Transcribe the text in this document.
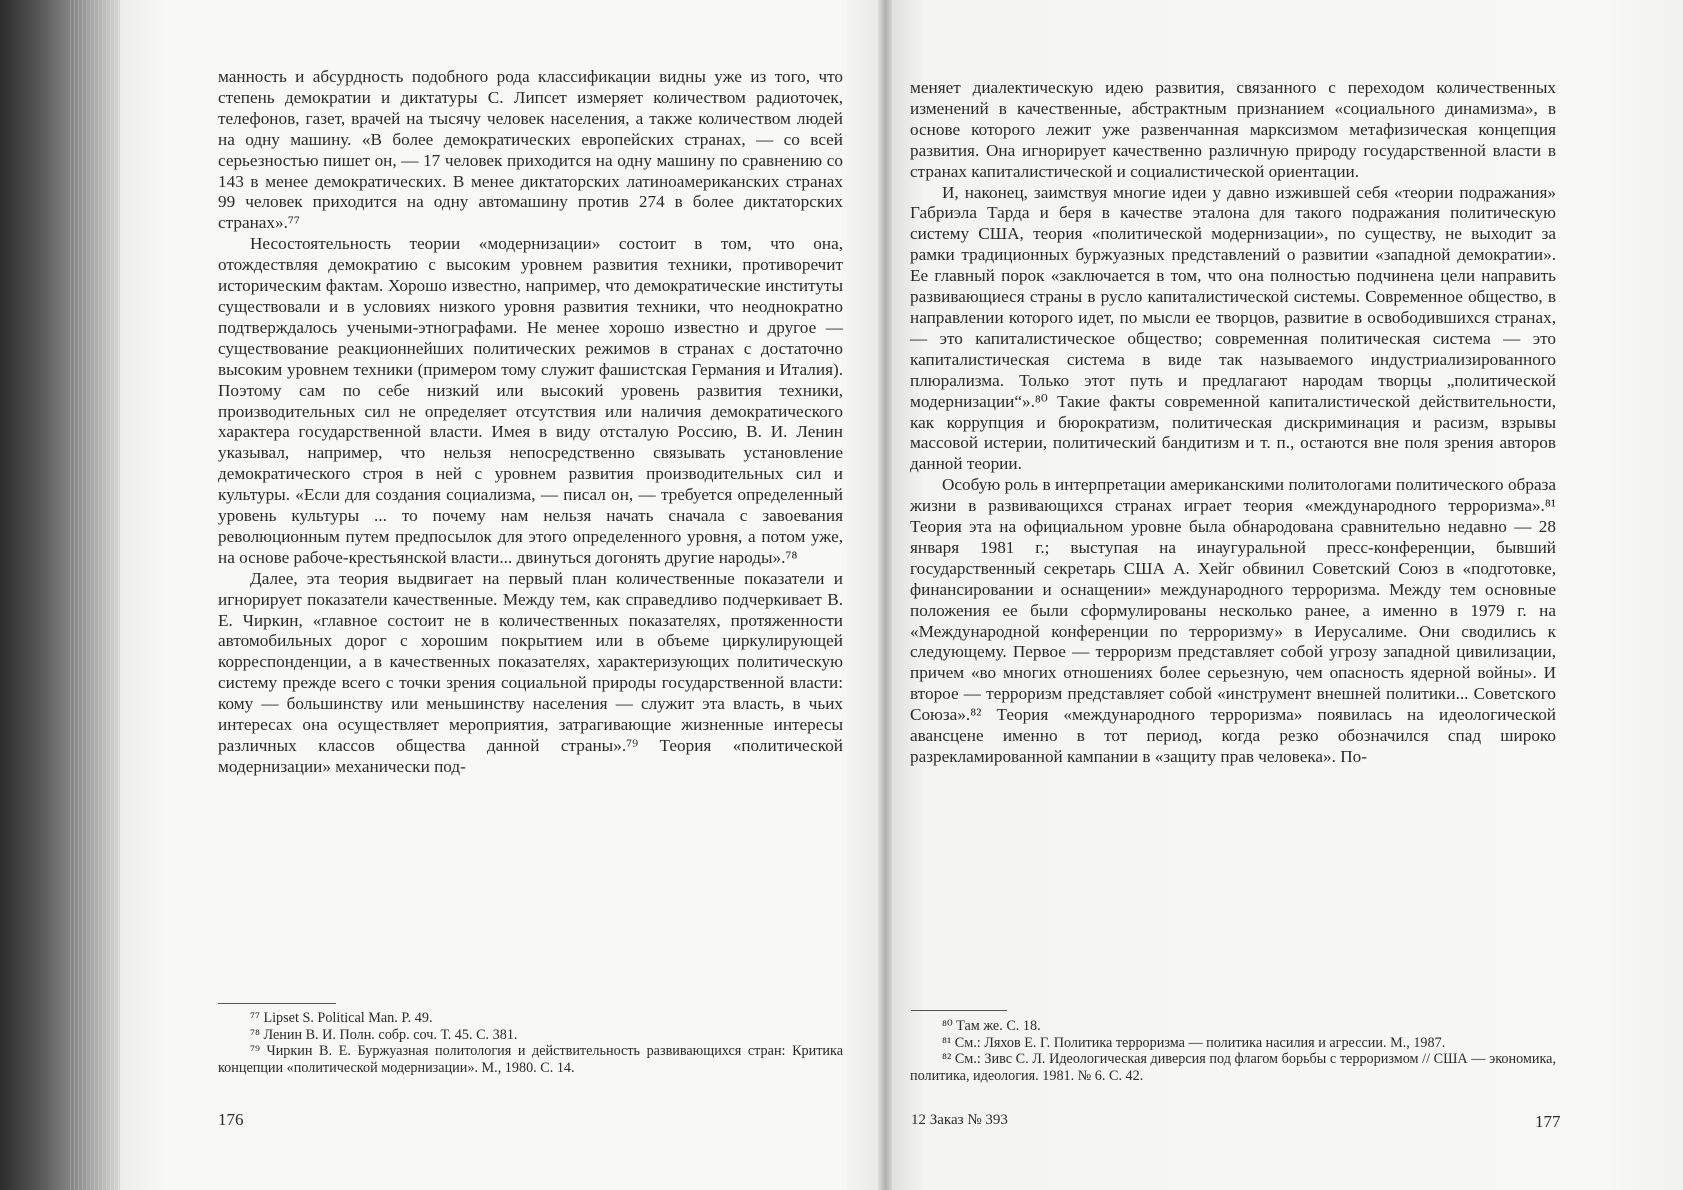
манность и абсурдность подобного рода классификации видны уже из того, что степень демократии и диктатуры С. Липсет измеряет количеством радиоточек, телефонов, газет, врачей на тысячу человек населения, а также количеством людей на одну машину. «В более демократических европейских странах, — со всей серьезностью пишет он, — 17 человек приходится на одну машину по сравнению со 143 в менее демократических. В менее диктаторских латиноамериканских странах 99 человек приходится на одну автомашину против 274 в более диктаторских странах».⁷⁷

Несостоятельность теории «модернизации» состоит в том, что она, отождествляя демократию с высоким уровнем развития техники, противоречит историческим фактам. Хорошо известно, например, что демократические институты существовали и в условиях низкого уровня развития техники, что неоднократно подтверждалось учеными-этнографами. Не менее хорошо известно и другое — существование реакционнейших политических режимов в странах с достаточно высоким уровнем техники (примером тому служит фашистская Германия и Италия). Поэтому сам по себе низкий или высокий уровень развития техники, производительных сил не определяет отсутствия или наличия демократического характера государственной власти. Имея в виду отсталую Россию, В. И. Ленин указывал, например, что нельзя непосредственно связывать установление демократического строя в ней с уровнем развития производительных сил и культуры. «Если для создания социализма, — писал он, — требуется определенный уровень культуры ... то почему нам нельзя начать сначала с завоевания революционным путем предпосылок для этого определенного уровня, а потом уже, на основе рабоче-крестьянской власти... двинуться догонять другие народы».⁷⁸

Далее, эта теория выдвигает на первый план количественные показатели и игнорирует показатели качественные. Между тем, как справедливо подчеркивает В. Е. Чиркин, «главное состоит не в количественных показателях, протяженности автомобильных дорог с хорошим покрытием или в объеме циркулирующей корреспонденции, а в качественных показателях, характеризующих политическую систему прежде всего с точки зрения социальной природы государственной власти: кому — большинству или меньшинству населения — служит эта власть, в чьих интересах она осуществляет мероприятия, затрагивающие жизненные интересы различных классов общества данной страны».⁷⁹ Теория «политической модернизации» механически под-

⁷⁷ Lipset S. Political Man. P. 49.

⁷⁸ Ленин В. И. Полн. собр. соч. Т. 45. С. 381.

⁷⁹ Чиркин В. Е. Буржуазная политология и действительность развивающихся стран: Критика концепции «политической модернизации». М., 1980. С. 14.

176

меняет диалектическую идею развития, связанного с переходом количественных изменений в качественные, абстрактным признанием «социального динамизма», в основе которого лежит уже развенчанная марксизмом метафизическая концепция развития. Она игнорирует качественно различную природу государственной власти в странах капиталистической и социалистической ориентации.

И, наконец, заимствуя многие идеи у давно изжившей себя «теории подражания» Габриэла Тарда и беря в качестве эталона для такого подражания политическую систему США, теория «политической модернизации», по существу, не выходит за рамки традиционных буржуазных представлений о развитии «западной демократии». Ее главный порок «заключается в том, что она полностью подчинена цели направить развивающиеся страны в русло капиталистической системы. Современное общество, в направлении которого идет, по мысли ее творцов, развитие в освободившихся странах, — это капиталистическое общество; современная политическая система — это капиталистическая система в виде так называемого индустриализированного плюрализма. Только этот путь и предлагают народам творцы „политической модернизации“».⁸⁰ Такие факты современной капиталистической действительности, как коррупция и бюрократизм, политическая дискриминация и расизм, взрывы массовой истерии, политический бандитизм и т. п., остаются вне поля зрения авторов данной теории.

Особую роль в интерпретации американскими политологами политического образа жизни в развивающихся странах играет теория «международного терроризма».⁸¹ Теория эта на официальном уровне была обнародована сравнительно недавно — 28 января 1981 г.; выступая на инаугуральной пресс-конференции, бывший государственный секретарь США А. Хейг обвинил Советский Союз в «подготовке, финансировании и оснащении» международного терроризма. Между тем основные положения ее были сформулированы несколько ранее, а именно в 1979 г. на «Международной конференции по терроризму» в Иерусалиме. Они сводились к следующему. Первое — терроризм представляет собой угрозу западной цивилизации, причем «во многих отношениях более серьезную, чем опасность ядерной войны». И второе — терроризм представляет собой «инструмент внешней политики... Советского Союза».⁸² Теория «международного терроризма» появилась на идеологической авансцене именно в тот период, когда резко обозначился спад широко разрекламированной кампании в «защиту прав человека». По-

⁸⁰ Там же. С. 18.

⁸¹ См.: Ляхов Е. Г. Политика терроризма — политика насилия и агрессии. М., 1987.

⁸² См.: Зивс С. Л. Идеологическая диверсия под флагом борьбы с терроризмом // США — экономика, политика, идеология. 1981. № 6. С. 42.

12 Заказ № 393	177
